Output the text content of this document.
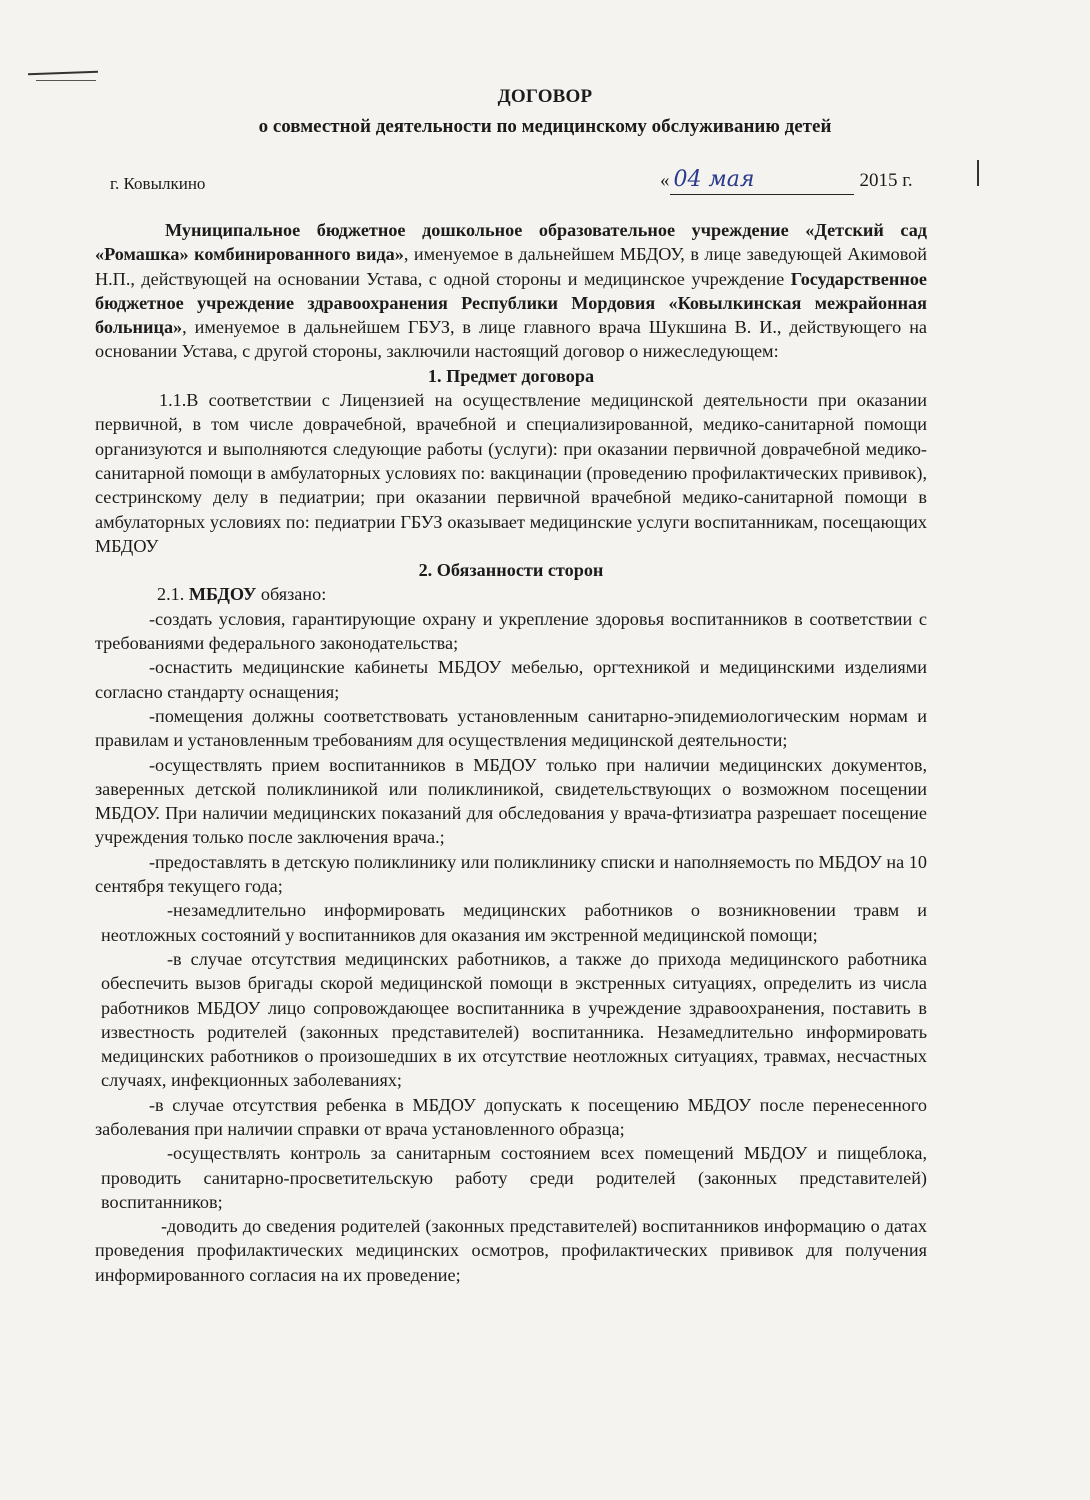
ДОГОВОР
о совместной деятельности по медицинскому обслуживанию детей
г. Ковылкино	« 04 мая	2015 г.

Муниципальное бюджетное дошкольное образовательное учреждение «Детский сад «Ромашка» комбинированного вида», именуемое в дальнейшем МБДОУ, в лице заведующей Акимовой Н.П., действующей на основании Устава, с одной стороны и медицинское учреждение Государственное бюджетное учреждение здравоохранения Республики Мордовия «Ковылкинская межрайонная больница», именуемое в дальнейшем ГБУЗ, в лице главного врача Шукшина В. И., действующего на основании Устава, с другой стороны, заключили настоящий договор о нижеследующем:

1. Предмет договора

1.1.В соответствии с Лицензией на осуществление медицинской деятельности при оказании первичной, в том числе доврачебной, врачебной и специализированной, медико-санитарной помощи организуются и выполняются следующие работы (услуги): при оказании первичной доврачебной медико-санитарной помощи в амбулаторных условиях по: вакцинации (проведению профилактических прививок), сестринскому делу в педиатрии; при оказании первичной врачебной медико-санитарной помощи в амбулаторных условиях по: педиатрии ГБУЗ оказывает медицинские услуги воспитанникам, посещающих МБДОУ

2. Обязанности сторон

2.1. МБДОУ обязано:

-создать условия, гарантирующие охрану и укрепление здоровья воспитанников в соответствии с требованиями федерального законодательства;

-оснастить медицинские кабинеты МБДОУ мебелью, оргтехникой и медицинскими изделиями согласно стандарту оснащения;

-помещения должны соответствовать установленным санитарно-эпидемиологическим нормам и правилам и установленным требованиям для осуществления медицинской деятельности;

-осуществлять прием воспитанников в МБДОУ только при наличии медицинских документов, заверенных детской поликлиникой или поликлиникой, свидетельствующих о возможном посещении МБДОУ. При наличии медицинских показаний для обследования у врача-фтизиатра разрешает посещение учреждения только после заключения врача.;

-предоставлять в детскую поликлинику или поликлинику списки и наполняемость по МБДОУ на 10 сентября текущего года;

-незамедлительно информировать медицинских работников о возникновении травм и неотложных состояний у воспитанников для оказания им экстренной медицинской помощи;

-в случае отсутствия медицинских работников, а также до прихода медицинского работника обеспечить вызов бригады скорой медицинской помощи в экстренных ситуациях, определить из числа работников МБДОУ лицо сопровождающее воспитанника в учреждение здравоохранения, поставить в известность родителей (законных представителей) воспитанника. Незамедлительно информировать медицинских работников о произошедших в их отсутствие неотложных ситуациях, травмах, несчастных случаях, инфекционных заболеваниях;

-в случае отсутствия ребенка в МБДОУ допускать к посещению МБДОУ после перенесенного заболевания при наличии справки от врача установленного образца;

-осуществлять контроль за санитарным состоянием всех помещений МБДОУ и пищеблока, проводить санитарно-просветительскую работу среди родителей (законных представителей) воспитанников;

-доводить до сведения родителей (законных представителей) воспитанников информацию о датах проведения профилактических медицинских осмотров, профилактических прививок для получения информированного согласия на их проведение;
